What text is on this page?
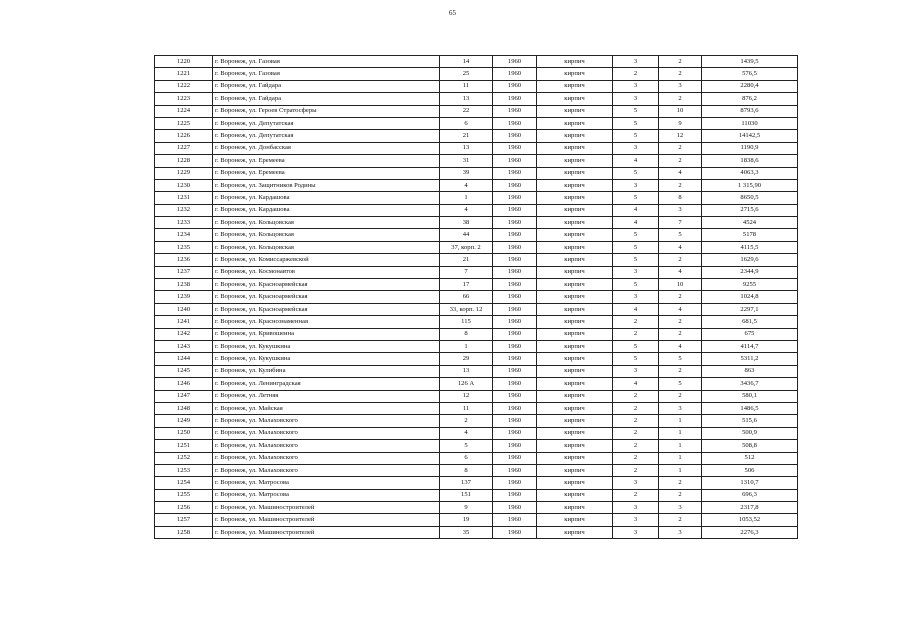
65
1220	г. Воронеж, ул. Газовая	14	1960	кирпич	3	2	1439,5
1221	г. Воронеж, ул. Газовая	25	1960	кирпич	2	2	576,5
1222	г. Воронеж, ул. Гайдара	11	1960	кирпич	3	3	2280,4
1223	г. Воронеж, ул. Гайдара	13	1960	кирпич	3	2	876,2
1224	г. Воронеж, ул. Героев Стратосферы	22	1960	кирпич	5	10	8793,6
1225	г. Воронеж, ул. Депутатская	6	1960	кирпич	5	9	11030
1226	г. Воронеж, ул. Депутатская	21	1960	кирпич	5	12	14142,5
1227	г. Воронеж, ул. Донбасская	13	1960	кирпич	3	2	1190,9
1228	г. Воронеж, ул. Еремеева	31	1960	кирпич	4	2	1838,6
1229	г. Воронеж, ул. Еремеева	39	1960	кирпич	5	4	4063,3
1230	г. Воронеж, ул. Защитников Родины	4	1960	кирпич	3	2	1 315,90
1231	г. Воронеж, ул. Кардашова	1	1960	кирпич	5	8	8650,5
1232	г. Воронеж, ул. Кардашова	4	1960	кирпич	4	3	2715,6
1233	г. Воронеж, ул. Кольцовская	38	1960	кирпич	4	7	4524
1234	г. Воронеж, ул. Кольцовская	44	1960	кирпич	5	5	5178
1235	г. Воронеж, ул. Кольцовская	37, корп. 2	1960	кирпич	5	4	4115,5
1236	г. Воронеж, ул. Комиссаржевской	21	1960	кирпич	5	2	1629,6
1237	г. Воронеж, ул. Космонавтов	7	1960	кирпич	3	4	2344,9
1238	г. Воронеж, ул. Красноармейская	17	1960	кирпич	5	10	9255
1239	г. Воронеж, ул. Красноармейская	66	1960	кирпич	3	2	1024,8
1240	г. Воронеж, ул. Красноармейская	33, корп. 12	1960	кирпич	4	4	2297,1
1241	г. Воронеж, ул. Краснознаменная	115	1960	кирпич	2	2	681,5
1242	г. Воронеж, ул. Кривошеина	8	1960	кирпич	2	2	675
1243	г. Воронеж, ул. Кукушкина	1	1960	кирпич	5	4	4114,7
1244	г. Воронеж, ул. Кукушкина	29	1960	кирпич	5	5	5311,2
1245	г. Воронеж, ул. Кулибина	13	1960	кирпич	3	2	863
1246	г. Воронеж, ул. Ленинградская	126 А	1960	кирпич	4	5	3436,7
1247	г. Воронеж, ул. Летняя	12	1960	кирпич	2	2	580,1
1248	г. Воронеж, ул. Майская	11	1960	кирпич	2	3	1486,5
1249	г. Воронеж, ул. Малаховского	2	1960	кирпич	2	1	515,6
1250	г. Воронеж, ул. Малаховского	4	1960	кирпич	2	1	500,9
1251	г. Воронеж, ул. Малаховского	5	1960	кирпич	2	1	508,8
1252	г. Воронеж, ул. Малаховского	6	1960	кирпич	2	1	512
1253	г. Воронеж, ул. Малаховского	8	1960	кирпич	2	1	506
1254	г. Воронеж, ул. Матросова	137	1960	кирпич	3	2	1310,7
1255	г. Воронеж, ул. Матросова	151	1960	кирпич	2	2	696,3
1256	г. Воронеж, ул. Машиностроителей	9	1960	кирпич	3	3	2317,8
1257	г. Воронеж, ул. Машиностроителей	19	1960	кирпич	3	2	1053,52
1258	г. Воронеж, ул. Машиностроителей	35	1960	кирпич	3	3	2276,3
